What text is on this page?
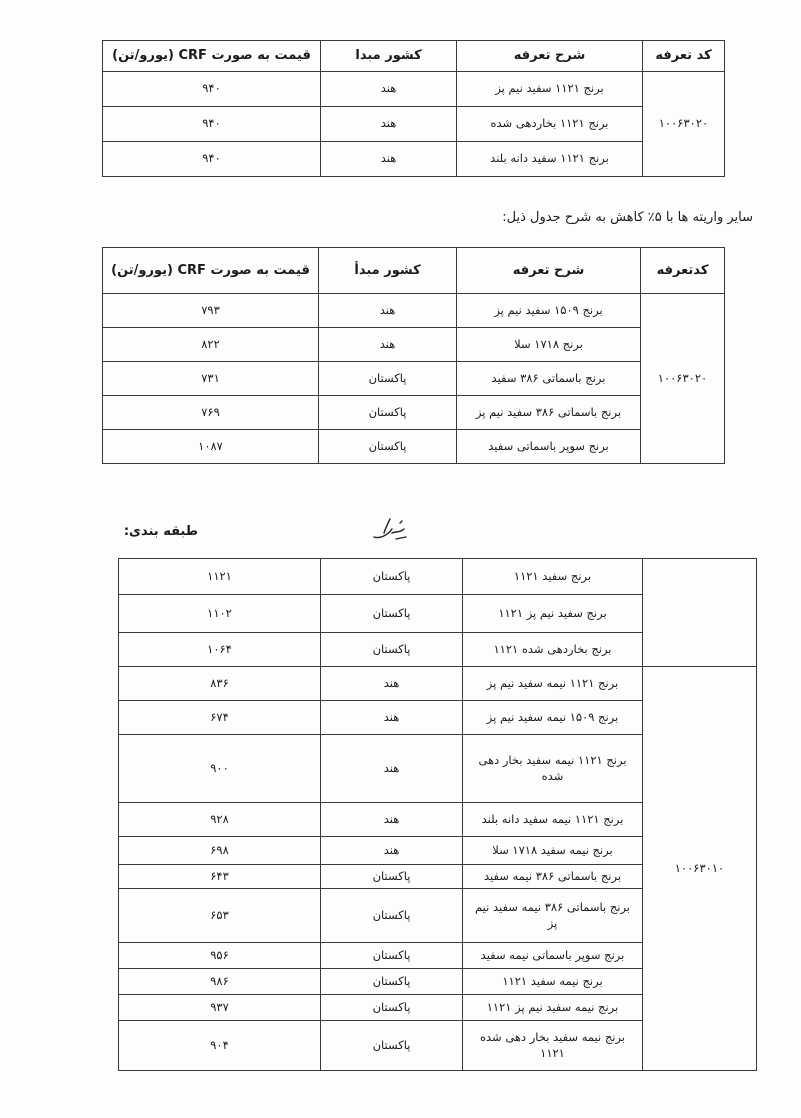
کد تعرفه	شرح تعرفه	کشور مبدا	قیمت به صورت CRF (یورو/تن)
۱۰۰۶۳۰۲۰	برنج ۱۱۲۱ سفید نیم پز	هند	۹۴۰
	برنج ۱۱۲۱ بخاردهی شده	هند	۹۴۰
	برنج ۱۱۲۱ سفید دانه بلند	هند	۹۴۰
سایر واریته ها با ۵٪ کاهش به شرح جدول ذیل:
کدتعرفه	شرح تعرفه	کشور مبدأ	قیمت به صورت CRF (یورو/تن)
۱۰۰۶۳۰۲۰	برنج ۱۵۰۹ سفید نیم پز	هند	۷۹۳
	برنج ۱۷۱۸ سلا	هند	۸۲۲
	برنج باسماتی ۳۸۶ سفید	پاکستان	۷۳۱
	برنج باسماتی ۳۸۶ سفید نیم پز	پاکستان	۷۶۹
	برنج سوپر باسماتی سفید	پاکستان	۱۰۸۷
طبقه بندی:
	برنج سفید ۱۱۲۱	پاکستان	۱۱۲۱
	برنج سفید نیم پز ۱۱۲۱	پاکستان	۱۱۰۲
	برنج بخاردهی شده ۱۱۲۱	پاکستان	۱۰۶۴
۱۰۰۶۳۰۱۰	برنج ۱۱۲۱ نیمه سفید نیم پز	هند	۸۳۶
	برنج ۱۵۰۹ نیمه سفید نیم پز	هند	۶۷۴
	برنج ۱۱۲۱ نیمه سفید بخار دهی شده	هند	۹۰۰
	برنج ۱۱۲۱ نیمه سفید دانه بلند	هند	۹۲۸
	برنج نیمه سفید ۱۷۱۸ سلا	هند	۶۹۸
	برنج باسماتی ۳۸۶ نیمه سفید	پاکستان	۶۴۳
	برنج باسماتی ۳۸۶ نیمه سفید نیم پز	پاکستان	۶۵۳
	برنج سوپر باسماتی نیمه سفید	پاکستان	۹۵۶
	برنج نیمه سفید ۱۱۲۱	پاکستان	۹۸۶
	برنج نیمه سفید نیم پز ۱۱۲۱	پاکستان	۹۳۷
	برنج نیمه سفید بخار دهی شده ۱۱۲۱	پاکستان	۹۰۴
